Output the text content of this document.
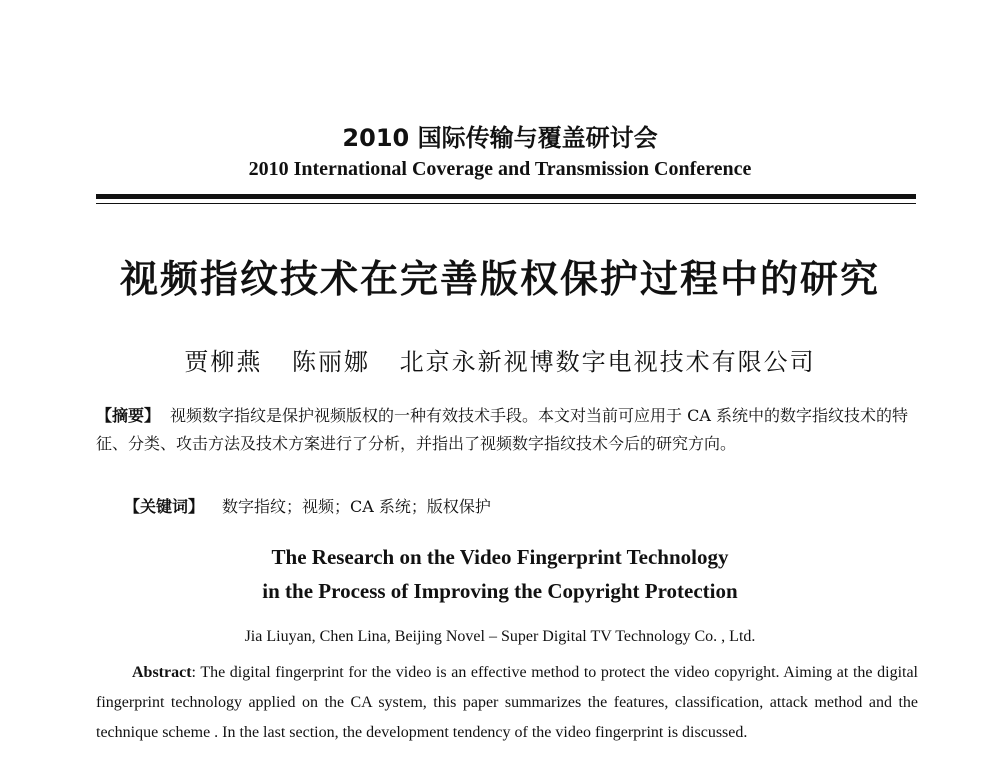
2010 国际传输与覆盖研讨会
2010 International Coverage and Transmission Conference
视频指纹技术在完善版权保护过程中的研究
贾柳燕 陈丽娜 北京永新视博数字电视技术有限公司
【摘要】 视频数字指纹是保护视频版权的一种有效技术手段。本文对当前可应用于 CA 系统中的数字指纹技术的特征、分类、攻击方法及技术方案进行了分析，并指出了视频数字指纹技术今后的研究方向。
【关键词】 数字指纹；视频；CA 系统；版权保护
The Research on the Video Fingerprint Technology
in the Process of Improving the Copyright Protection
Jia Liuyan, Chen Lina, Beijing Novel – Super Digital TV Technology Co. , Ltd.
Abstract: The digital fingerprint for the video is an effective method to protect the video copyright. Aiming at the digital fingerprint technology applied on the CA system, this paper summarizes the features, classification, attack method and the technique scheme . In the last section, the development tendency of the video fingerprint is discussed.
